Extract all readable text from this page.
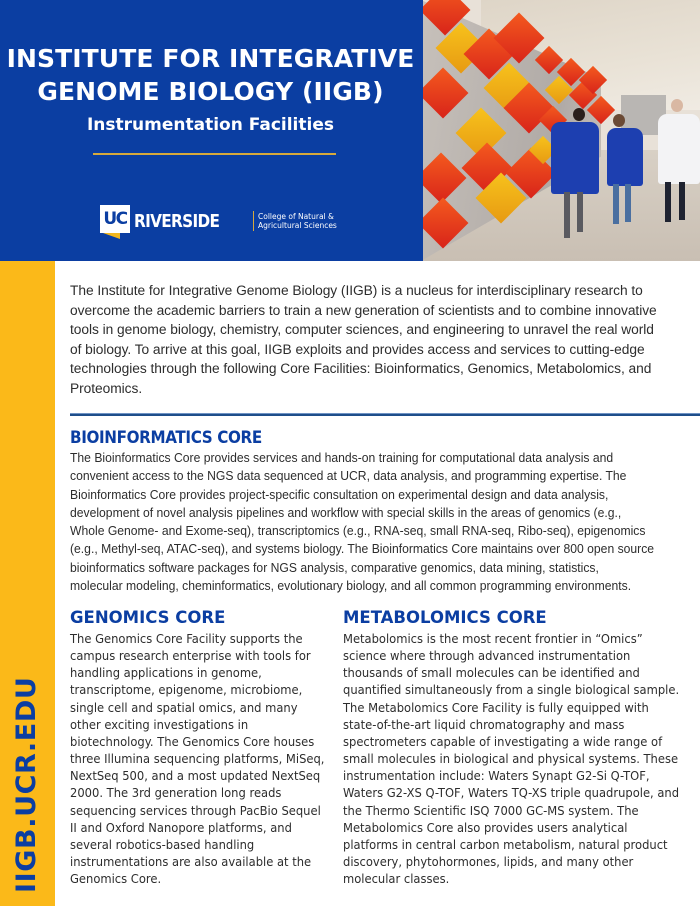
INSTITUTE FOR INTEGRATIVE
GENOME BIOLOGY (IIGB)
Instrumentation Facilities
UC RIVERSIDE	College of Natural &
Agricultural Sciences
IIGB.UCR.EDU
The Institute for Integrative Genome Biology (IIGB) is a nucleus for interdisciplinary research to
overcome the academic barriers to train a new generation of scientists and to combine innovative
tools in genome biology, chemistry, computer sciences, and engineering to unravel the real world
of biology. To arrive at this goal, IIGB exploits and provides access and services to cutting-edge
technologies through the following Core Facilities: Bioinformatics, Genomics, Metabolomics, and
Proteomics.
BIOINFORMATICS CORE
The Bioinformatics Core provides services and hands-on training for computational data analysis and
convenient access to the NGS data sequenced at UCR, data analysis, and programming expertise. The
Bioinformatics Core provides project-specific consultation on experimental design and data analysis,
development of novel analysis pipelines and workflow with special skills in the areas of genomics (e.g.,
Whole Genome- and Exome-seq), transcriptomics (e.g., RNA-seq, small RNA-seq, Ribo-seq), epigenomics
(e.g., Methyl-seq, ATAC-seq), and systems biology. The Bioinformatics Core maintains over 800 open source
bioinformatics software packages for NGS analysis, comparative genomics, data mining, statistics,
molecular modeling, cheminformatics, evolutionary biology, and all common programming environments.
GENOMICS CORE
The Genomics Core Facility supports the
campus research enterprise with tools for
handling applications in genome,
transcriptome, epigenome, microbiome,
single cell and spatial omics, and many
other exciting investigations in
biotechnology. The Genomics Core houses
three Illumina sequencing platforms, MiSeq,
NextSeq 500, and a most updated NextSeq
2000. The 3rd generation long reads
sequencing services through PacBio Sequel
II and Oxford Nanopore platforms, and
several robotics-based handling
instrumentations are also available at the
Genomics Core.
METABOLOMICS CORE
Metabolomics is the most recent frontier in “Omics”
science where through advanced instrumentation
thousands of small molecules can be identified and
quantified simultaneously from a single biological sample.
The Metabolomics Core Facility is fully equipped with
state-of-the-art liquid chromatography and mass
spectrometers capable of investigating a wide range of
small molecules in biological and physical systems. These
instrumentation include: Waters Synapt G2-Si Q-TOF,
Waters G2-XS Q-TOF, Waters TQ-XS triple quadrupole, and
the Thermo Scientific ISQ 7000 GC-MS system. The
Metabolomics Core also provides users analytical
platforms in central carbon metabolism, natural product
discovery, phytohormones, lipids, and many other
molecular classes.
